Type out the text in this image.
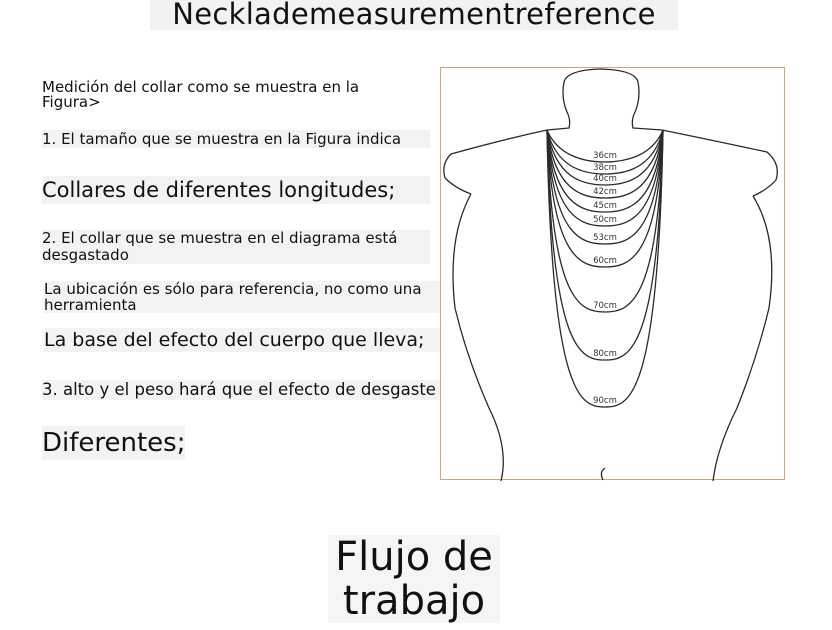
Necklademeasurementreference
Medición del collar como se muestra en la Figura>
1. El tamaño que se muestra en la Figura indica
Collares de diferentes longitudes;
2. El collar que se muestra en el diagrama está desgastado
La ubicación es sólo para referencia, no como una herramienta
La base del efecto del cuerpo que lleva;
3. alto y el peso hará que el efecto de desgaste
Diferentes;
36cm
38cm
40cm
42cm
45cm
50cm
53cm
60cm
70cm
80cm
90cm
Flujo de
trabajo
